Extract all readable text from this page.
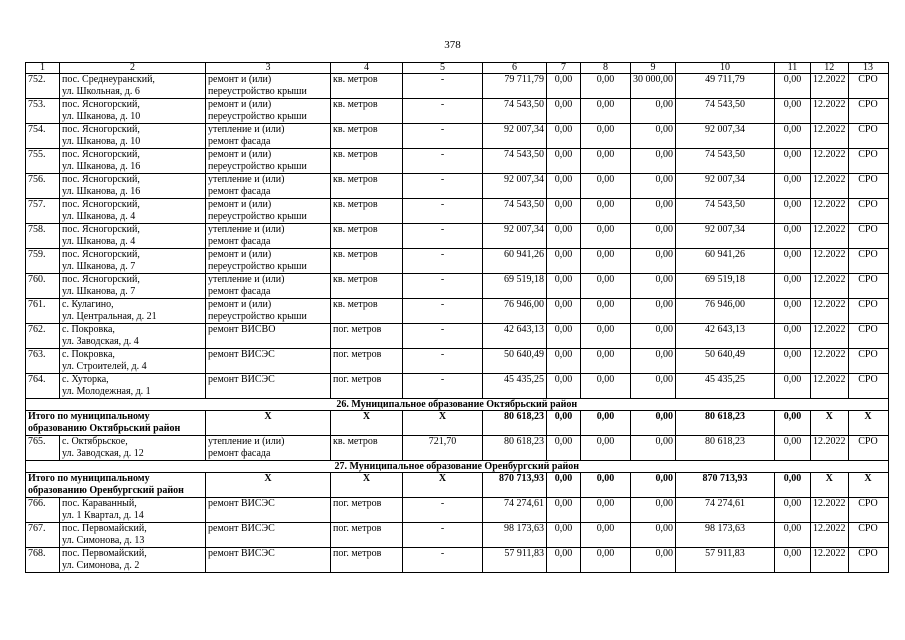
378
1	2	3	4	5	6	7	8	9	10	11	12	13
752.	пос. Среднеуранский,
ул. Школьная, д. 6	ремонт и (или)
переустройство крыши	кв. метров	-	79 711,79	0,00	0,00	30 000,00	49 711,79	0,00	12.2022	СРО
753.	пос. Ясногорский,
ул. Шканова, д. 10	ремонт и (или)
переустройство крыши	кв. метров	-	74 543,50	0,00	0,00	0,00	74 543,50	0,00	12.2022	СРО
754.	пос. Ясногорский,
ул. Шканова, д. 10	утепление и (или)
ремонт фасада	кв. метров	-	92 007,34	0,00	0,00	0,00	92 007,34	0,00	12.2022	СРО
755.	пос. Ясногорский,
ул. Шканова, д. 16	ремонт и (или)
переустройство крыши	кв. метров	-	74 543,50	0,00	0,00	0,00	74 543,50	0,00	12.2022	СРО
756.	пос. Ясногорский,
ул. Шканова, д. 16	утепление и (или)
ремонт фасада	кв. метров	-	92 007,34	0,00	0,00	0,00	92 007,34	0,00	12.2022	СРО
757.	пос. Ясногорский,
ул. Шканова, д. 4	ремонт и (или)
переустройство крыши	кв. метров	-	74 543,50	0,00	0,00	0,00	74 543,50	0,00	12.2022	СРО
758.	пос. Ясногорский,
ул. Шканова, д. 4	утепление и (или)
ремонт фасада	кв. метров	-	92 007,34	0,00	0,00	0,00	92 007,34	0,00	12.2022	СРО
759.	пос. Ясногорский,
ул. Шканова, д. 7	ремонт и (или)
переустройство крыши	кв. метров	-	60 941,26	0,00	0,00	0,00	60 941,26	0,00	12.2022	СРО
760.	пос. Ясногорский,
ул. Шканова, д. 7	утепление и (или)
ремонт фасада	кв. метров	-	69 519,18	0,00	0,00	0,00	69 519,18	0,00	12.2022	СРО
761.	с. Кулагино,
ул. Центральная, д. 21	ремонт и (или)
переустройство крыши	кв. метров	-	76 946,00	0,00	0,00	0,00	76 946,00	0,00	12.2022	СРО
762.	с. Покровка,
ул. Заводская, д. 4	ремонт ВИСВО	пог. метров	-	42 643,13	0,00	0,00	0,00	42 643,13	0,00	12.2022	СРО
763.	с. Покровка,
ул. Строителей, д. 4	ремонт ВИСЭС	пог. метров	-	50 640,49	0,00	0,00	0,00	50 640,49	0,00	12.2022	СРО
764.	с. Хуторка,
ул. Молодежная, д. 1	ремонт ВИСЭС	пог. метров	-	45 435,25	0,00	0,00	0,00	45 435,25	0,00	12.2022	СРО
26. Муниципальное образование Октябрьский район												
Итого по муниципальному
образованию Октябрьский район		X	X	X	80 618,23	0,00	0,00	0,00	80 618,23	0,00	X	X
765.	с. Октябрьское,
ул. Заводская, д. 12	утепление и (или)
ремонт фасада	кв. метров	721,70	80 618,23	0,00	0,00	0,00	80 618,23	0,00	12.2022	СРО
27. Муниципальное образование Оренбургский район												
Итого по муниципальному
образованию Оренбургский район		X	X	X	870 713,93	0,00	0,00	0,00	870 713,93	0,00	X	X
766.	пос. Караванный,
ул. 1 Квартал, д. 14	ремонт ВИСЭС	пог. метров	-	74 274,61	0,00	0,00	0,00	74 274,61	0,00	12.2022	СРО
767.	пос. Первомайский,
ул. Симонова, д. 13	ремонт ВИСЭС	пог. метров	-	98 173,63	0,00	0,00	0,00	98 173,63	0,00	12.2022	СРО
768.	пос. Первомайский,
ул. Симонова, д. 2	ремонт ВИСЭС	пог. метров	-	57 911,83	0,00	0,00	0,00	57 911,83	0,00	12.2022	СРО
